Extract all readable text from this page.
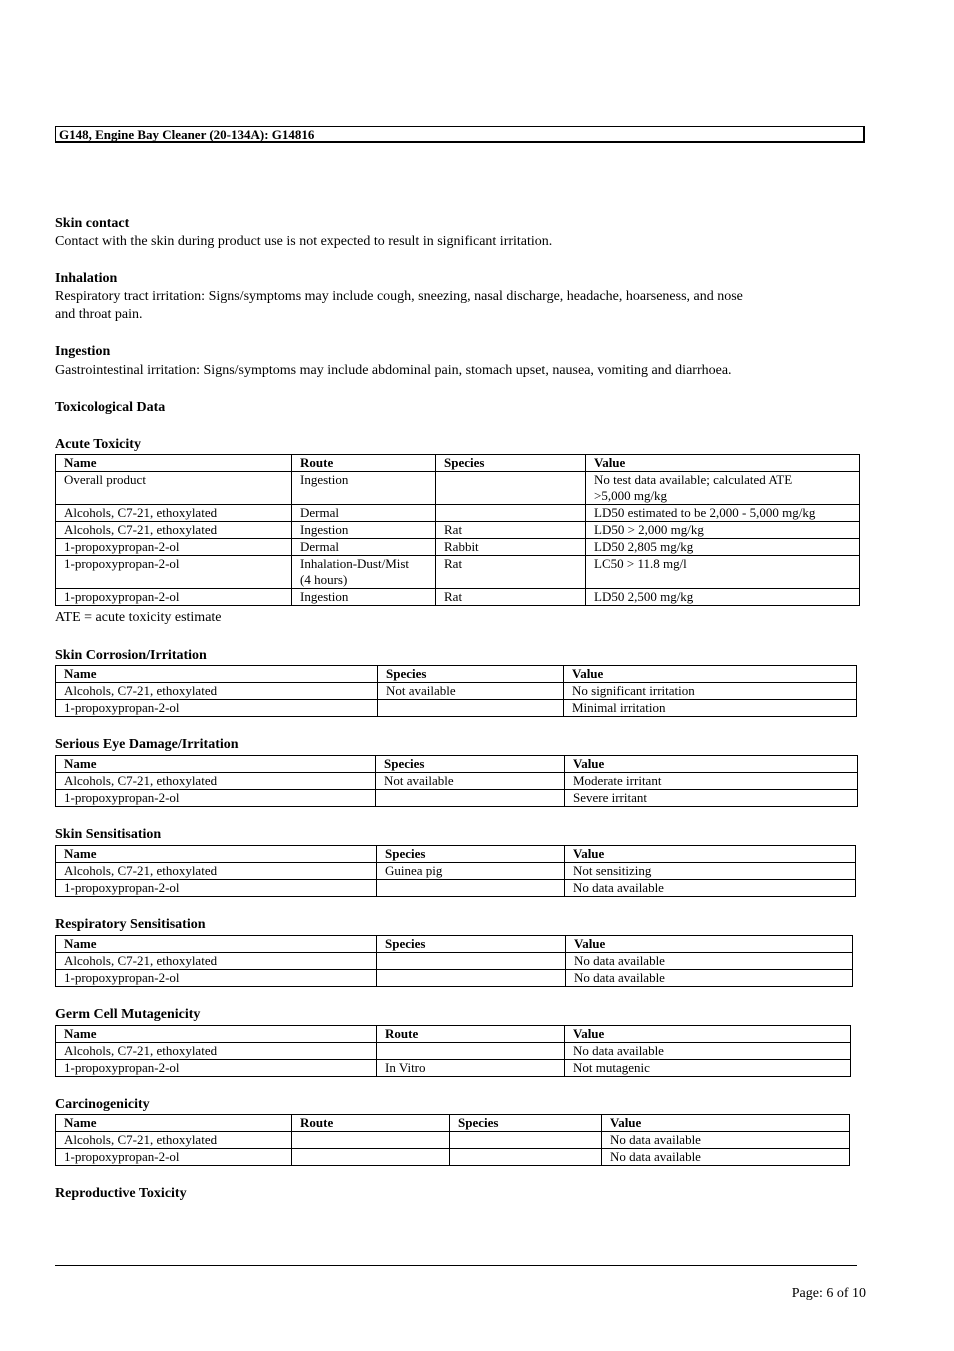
G148, Engine Bay Cleaner (20-134A): G14816
Skin contact
Contact with the skin during product use is not expected to result in significant irritation.
Inhalation
Respiratory tract irritation: Signs/symptoms may include cough, sneezing, nasal discharge, headache, hoarseness, and nose
and throat pain.
Ingestion
Gastrointestinal irritation: Signs/symptoms may include abdominal pain, stomach upset, nausea, vomiting and diarrhoea.
Toxicological Data
Acute Toxicity
Name	Route	Species	Value
Overall product	Ingestion		No test data available; calculated ATE
>5,000 mg/kg

Alcohols, C7-21, ethoxylated	Dermal		LD50 estimated to be 2,000 - 5,000 mg/kg
Alcohols, C7-21, ethoxylated	Ingestion	Rat	LD50 > 2,000 mg/kg
1-propoxypropan-2-ol	Dermal	Rabbit	LD50 2,805 mg/kg
1-propoxypropan-2-ol	Inhalation-Dust/Mist
(4 hours)	Rat	LC50 > 11.8 mg/l
1-propoxypropan-2-ol	Ingestion	Rat	LD50 2,500 mg/kg
ATE = acute toxicity estimate
Skin Corrosion/Irritation
Name	Species	Value
Alcohols, C7-21, ethoxylated	Not available	No significant irritation
1-propoxypropan-2-ol		Minimal irritation
Serious Eye Damage/Irritation
Name	Species	Value
Alcohols, C7-21, ethoxylated	Not available	Moderate irritant
1-propoxypropan-2-ol		Severe irritant
Skin Sensitisation
Name	Species	Value
Alcohols, C7-21, ethoxylated	Guinea pig	Not sensitizing
1-propoxypropan-2-ol		No data available
Respiratory Sensitisation
Name	Species	Value
Alcohols, C7-21, ethoxylated		No data available
1-propoxypropan-2-ol		No data available
Germ Cell Mutagenicity
Name	Route	Value
Alcohols, C7-21, ethoxylated		No data available
1-propoxypropan-2-ol	In Vitro	Not mutagenic
Carcinogenicity
Name	Route	Species	Value
Alcohols, C7-21, ethoxylated			No data available
1-propoxypropan-2-ol			No data available
Reproductive Toxicity
Page: 6 of 10
